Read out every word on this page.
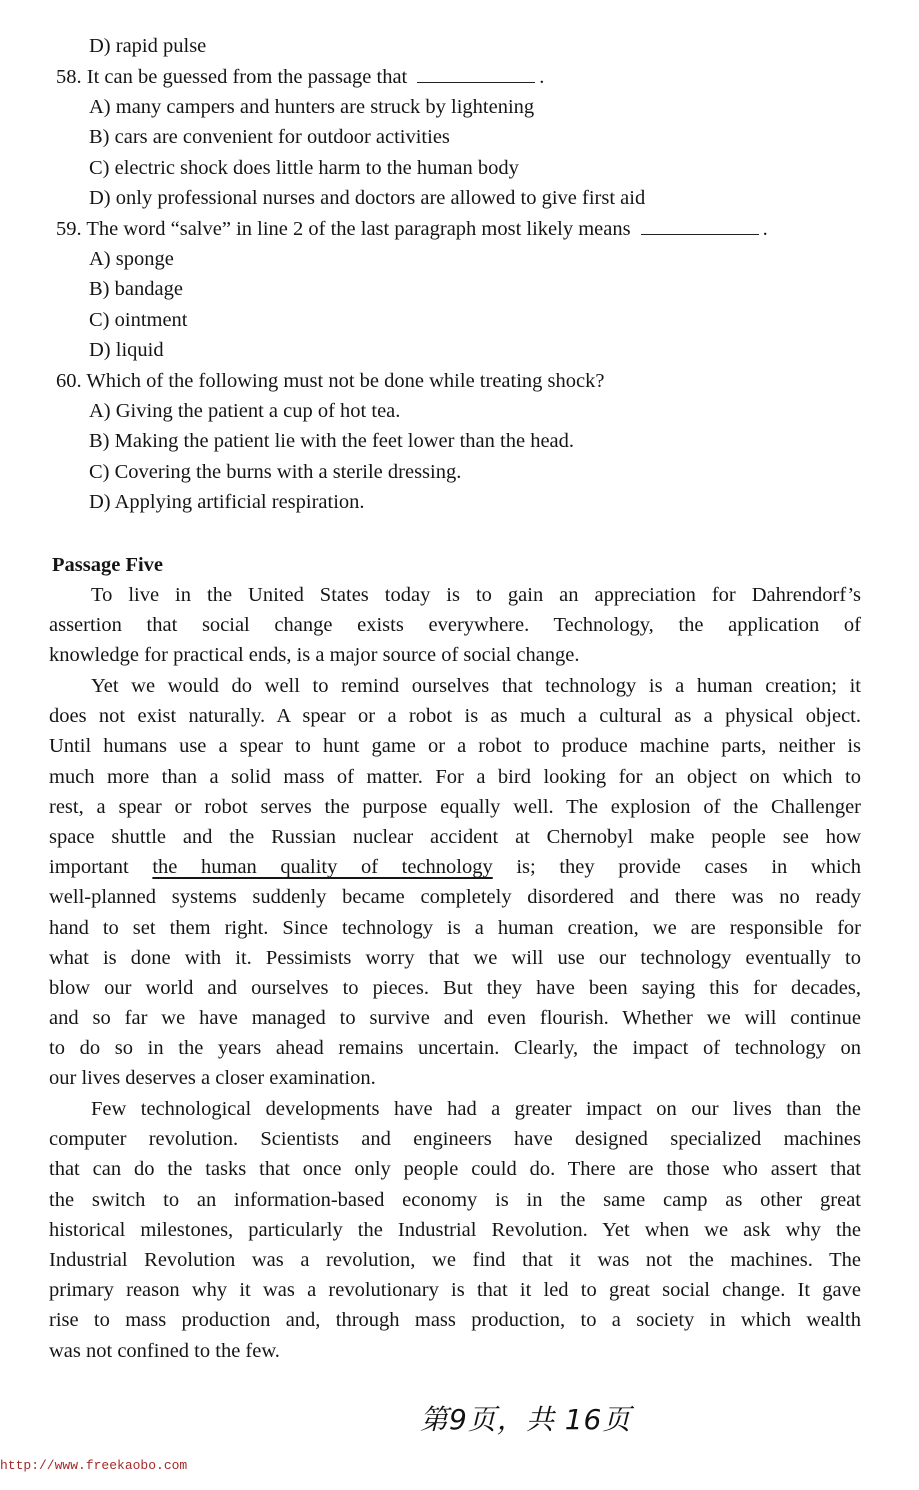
D) rapid pulse
58. It can be guessed from the passage that	.
A) many campers and hunters are struck by lightening
B) cars are convenient for outdoor activities
C) electric shock does little harm to the human body
D) only professional nurses and doctors are allowed to give first aid
59. The word “salve” in line 2 of the last paragraph most likely means	.
A) sponge
B) bandage
C) ointment
D) liquid
60. Which of the following must not be done while treating shock?
A) Giving the patient a cup of hot tea.
B) Making the patient lie with the feet lower than the head.
C) Covering the burns with a sterile dressing.
D) Applying artificial respiration.
Passage Five
To live in the United States today is to gain an appreciation for Dahrendorf’s
assertion that social change exists everywhere. Technology, the application of
knowledge for practical ends, is a major source of social change.
Yet we would do well to remind ourselves that technology is a human creation; it
does not exist naturally. A spear or a robot is as much a cultural as a physical object.
Until humans use a spear to hunt game or a robot to produce machine parts, neither is
much more than a solid mass of matter. For a bird looking for an object on which to
rest, a spear or robot serves the purpose equally well. The explosion of the Challenger
space shuttle and the Russian nuclear accident at Chernobyl make people see how
important the human quality of technology is; they provide cases in which
well-planned systems suddenly became completely disordered and there was no ready
hand to set them right. Since technology is a human creation, we are responsible for
what is done with it. Pessimists worry that we will use our technology eventually to
blow our world and ourselves to pieces. But they have been saying this for decades,
and so far we have managed to survive and even flourish. Whether we will continue
to do so in the years ahead remains uncertain. Clearly, the impact of technology on
our lives deserves a closer examination.
Few technological developments have had a greater impact on our lives than the
computer revolution. Scientists and engineers have designed specialized machines
that can do the tasks that once only people could do. There are those who assert that
the switch to an information-based economy is in the same camp as other great
historical milestones, particularly the Industrial Revolution. Yet when we ask why the
Industrial Revolution was a revolution, we find that it was not the machines. The
primary reason why it was a revolutionary is that it led to great social change. It gave
rise to mass production and, through mass production, to a society in which wealth
was not confined to the few.
第9页，共 16页
http://www.freekaobo.com
